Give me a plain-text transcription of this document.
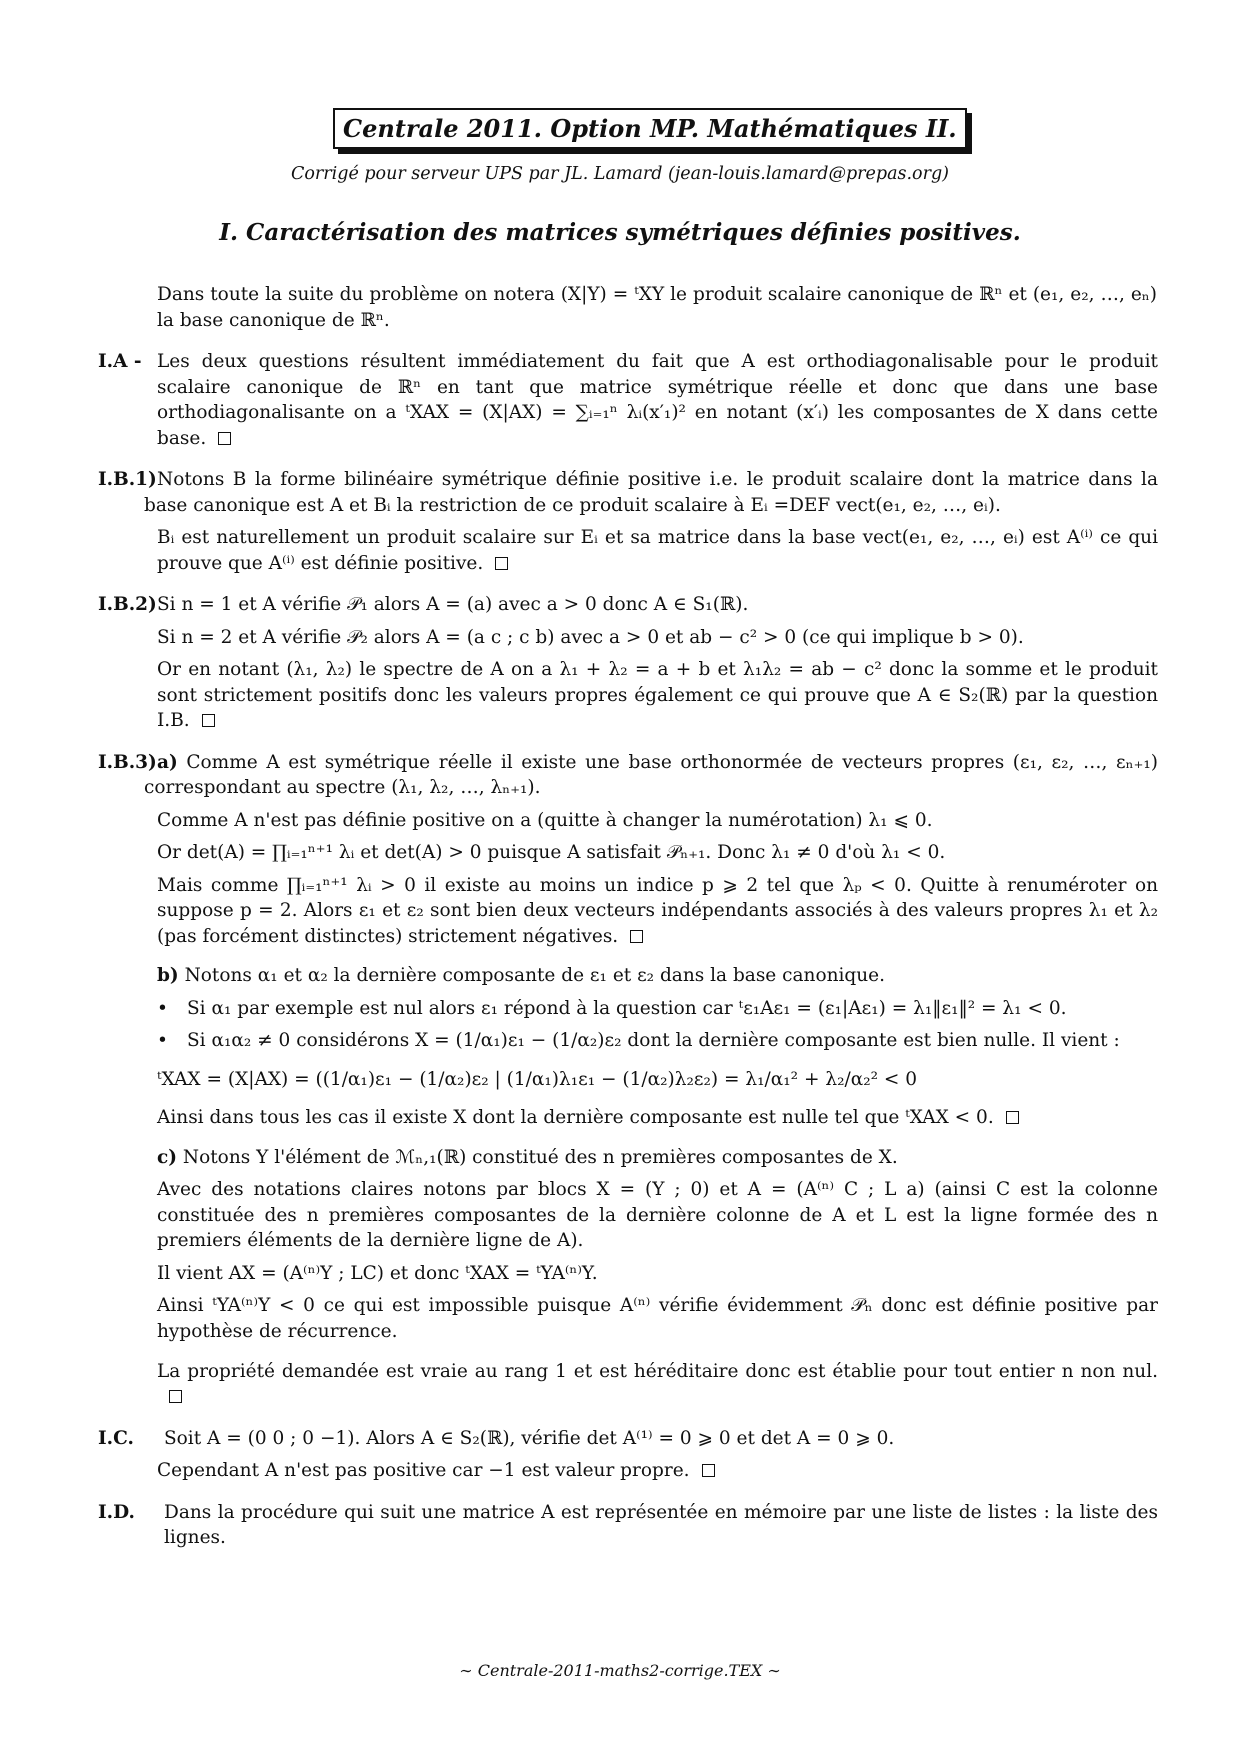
Centrale 2011. Option MP. Mathématiques II.
Corrigé pour serveur UPS par JL. Lamard (jean-louis.lamard@prepas.org)
I. Caractérisation des matrices symétriques définies positives.
Dans toute la suite du problème on notera (X|Y) = ᵗXY le produit scalaire canonique de ℝⁿ et (e₁, e₂, …, eₙ) la base canonique de ℝⁿ.
I.A - Les deux questions résultent immédiatement du fait que A est orthodiagonalisable pour le produit scalaire canonique de ℝⁿ en tant que matrice symétrique réelle et donc que dans une base orthodiagonalisante on a ᵗXAX = (X|AX) = ∑ᵢ₌₁ⁿ λᵢ(x′₁)² en notant (x′ᵢ) les composantes de X dans cette base.

I.B.1) Notons B la forme bilinéaire symétrique définie positive i.e. le produit scalaire dont la matrice dans la base canonique est A et Bᵢ la restriction de ce produit scalaire à Eᵢ =DEF vect(e₁, e₂, …, eᵢ).

Bᵢ est naturellement un produit scalaire sur Eᵢ et sa matrice dans la base vect(e₁, e₂, …, eᵢ) est A⁽ⁱ⁾ ce qui prouve que A⁽ⁱ⁾ est définie positive.

I.B.2) Si n = 1 et A vérifie 𝒫₁ alors A = (a) avec a > 0 donc A ∈ S₁(ℝ).

Si n = 2 et A vérifie 𝒫₂ alors A = (a c ; c b) avec a > 0 et ab − c² > 0 (ce qui implique b > 0).

Or en notant (λ₁, λ₂) le spectre de A on a λ₁ + λ₂ = a + b et λ₁λ₂ = ab − c² donc la somme et le produit sont strictement positifs donc les valeurs propres également ce qui prouve que A ∈ S₂(ℝ) par la question I.B.

I.B.3) a) Comme A est symétrique réelle il existe une base orthonormée de vecteurs propres (ε₁, ε₂, …, εₙ₊₁) correspondant au spectre (λ₁, λ₂, …, λₙ₊₁).

Comme A n'est pas définie positive on a (quitte à changer la numérotation) λ₁ ⩽ 0.

Or det(A) = ∏ᵢ₌₁ⁿ⁺¹ λᵢ et det(A) > 0 puisque A satisfait 𝒫ₙ₊₁. Donc λ₁ ≠ 0 d'où λ₁ < 0.

Mais comme ∏ᵢ₌₁ⁿ⁺¹ λᵢ > 0 il existe au moins un indice p ⩾ 2 tel que λₚ < 0. Quitte à renuméroter on suppose p = 2. Alors ε₁ et ε₂ sont bien deux vecteurs indépendants associés à des valeurs propres λ₁ et λ₂ (pas forcément distinctes) strictement négatives.

b) Notons α₁ et α₂ la dernière composante de ε₁ et ε₂ dans la base canonique.

• Si α₁ par exemple est nul alors ε₁ répond à la question car ᵗε₁Aε₁ = (ε₁|Aε₁) = λ₁‖ε₁‖² = λ₁ < 0.
• Si α₁α₂ ≠ 0 considérons X = (1/α₁)ε₁ − (1/α₂)ε₂ dont la dernière composante est bien nulle. Il vient :

ᵗXAX = (X|AX) = ((1/α₁)ε₁ − (1/α₂)ε₂ | (1/α₁)λ₁ε₁ − (1/α₂)λ₂ε₂) = λ₁/α₁² + λ₂/α₂² < 0

Ainsi dans tous les cas il existe X dont la dernière composante est nulle tel que ᵗXAX < 0.

c) Notons Y l'élément de ℳₙ,₁(ℝ) constitué des n premières composantes de X.

Avec des notations claires notons par blocs X = (Y ; 0) et A = (A⁽ⁿ⁾ C ; L a) (ainsi C est la colonne constituée des n premières composantes de la dernière colonne de A et L est la ligne formée des n premiers éléments de la dernière ligne de A).

Il vient AX = (A⁽ⁿ⁾Y ; LC) et donc ᵗXAX = ᵗYA⁽ⁿ⁾Y.

Ainsi ᵗYA⁽ⁿ⁾Y < 0 ce qui est impossible puisque A⁽ⁿ⁾ vérifie évidemment 𝒫ₙ donc est définie positive par hypothèse de récurrence.

La propriété demandée est vraie au rang 1 et est héréditaire donc est établie pour tout entier n non nul.

I.C.	Soit A = (0 0 ; 0 −1). Alors A ∈ S₂(ℝ), vérifie det A⁽¹⁾ = 0 ⩾ 0 et det A = 0 ⩾ 0.

Cependant A n'est pas positive car −1 est valeur propre.

I.D.	Dans la procédure qui suit une matrice A est représentée en mémoire par une liste de listes : la liste des lignes.

∼ Centrale-2011-maths2-corrige.TEX ∼
